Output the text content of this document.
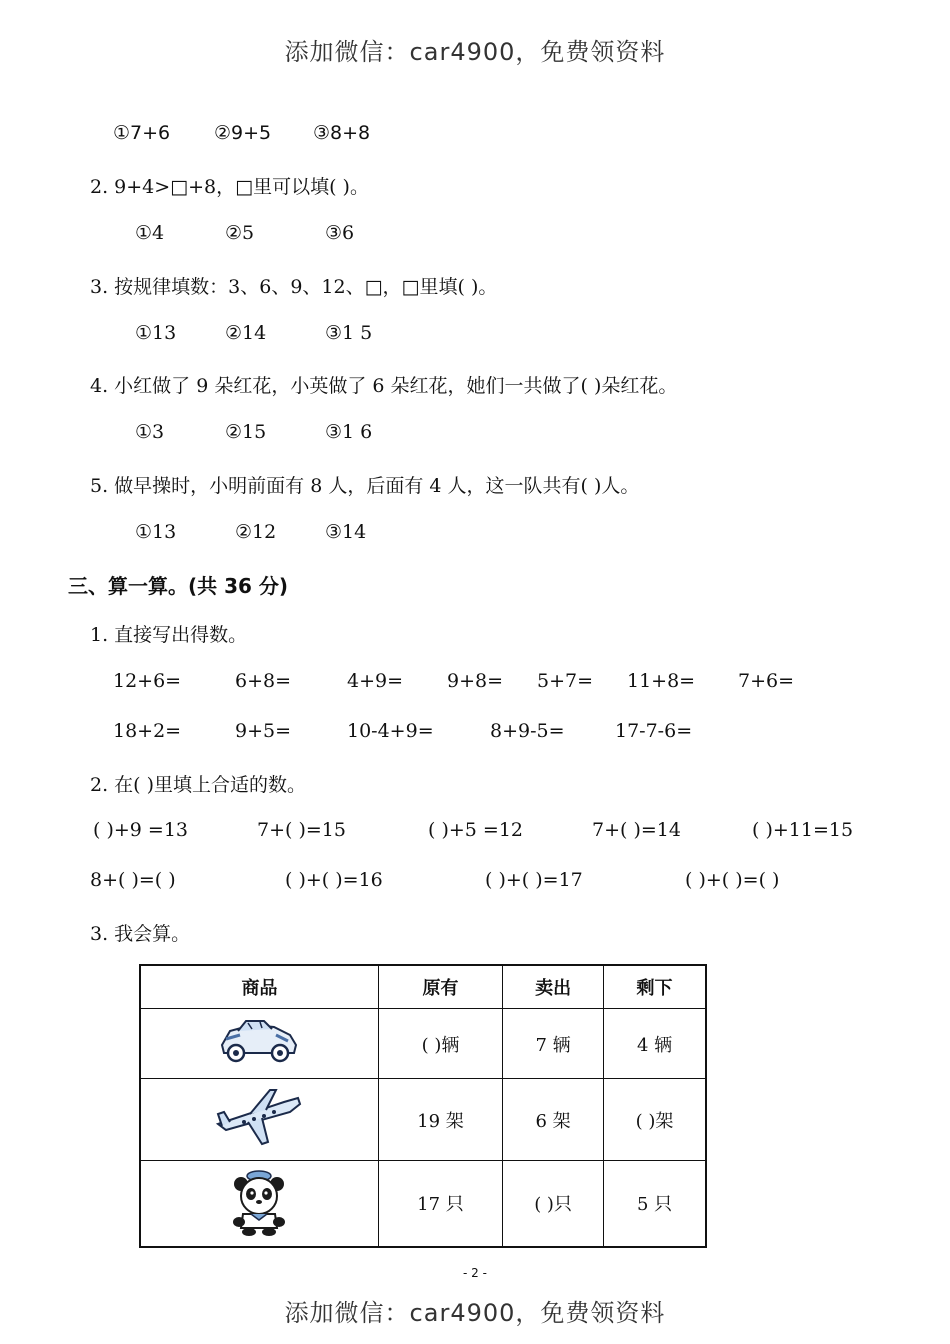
添加微信：car4900，免费领资料
①7+6 ②9+5 ③8+8
2. 9+4>□+8，□里可以填( )。
①4	②5	③6
3. 按规律填数：3、6、9、12、□，□里填( )。
①13	②14	③1 5
4. 小红做了 9 朵红花，小英做了 6 朵红花，她们一共做了( )朵红花。
①3	②15	③1 6
5. 做早操时，小明前面有 8 人，后面有 4 人，这一队共有( )人。
①13	②12	③14
三、算一算。(共 36 分)
1. 直接写出得数。
12+6=	6+8=	4+9= 9+8= 5+7= 11+8= 7+6=
18+2=	9+5=	10-4+9=	8+9-5=	17-7-6=
2. 在( )里填上合适的数。
( )+9 =13	7+( )=15	( )+5 =12	7+( )=14	( )+11=15
8+( )=( )	( )+( )=16	( )+( )=17	( )+( )=( )
3. 我会算。
商品	原有	卖出	剩下
	( )辆	7 辆	4 辆
	19 架	6 架	( )架
	17 只	( )只	5 只
- 2 -
添加微信：car4900，免费领资料
